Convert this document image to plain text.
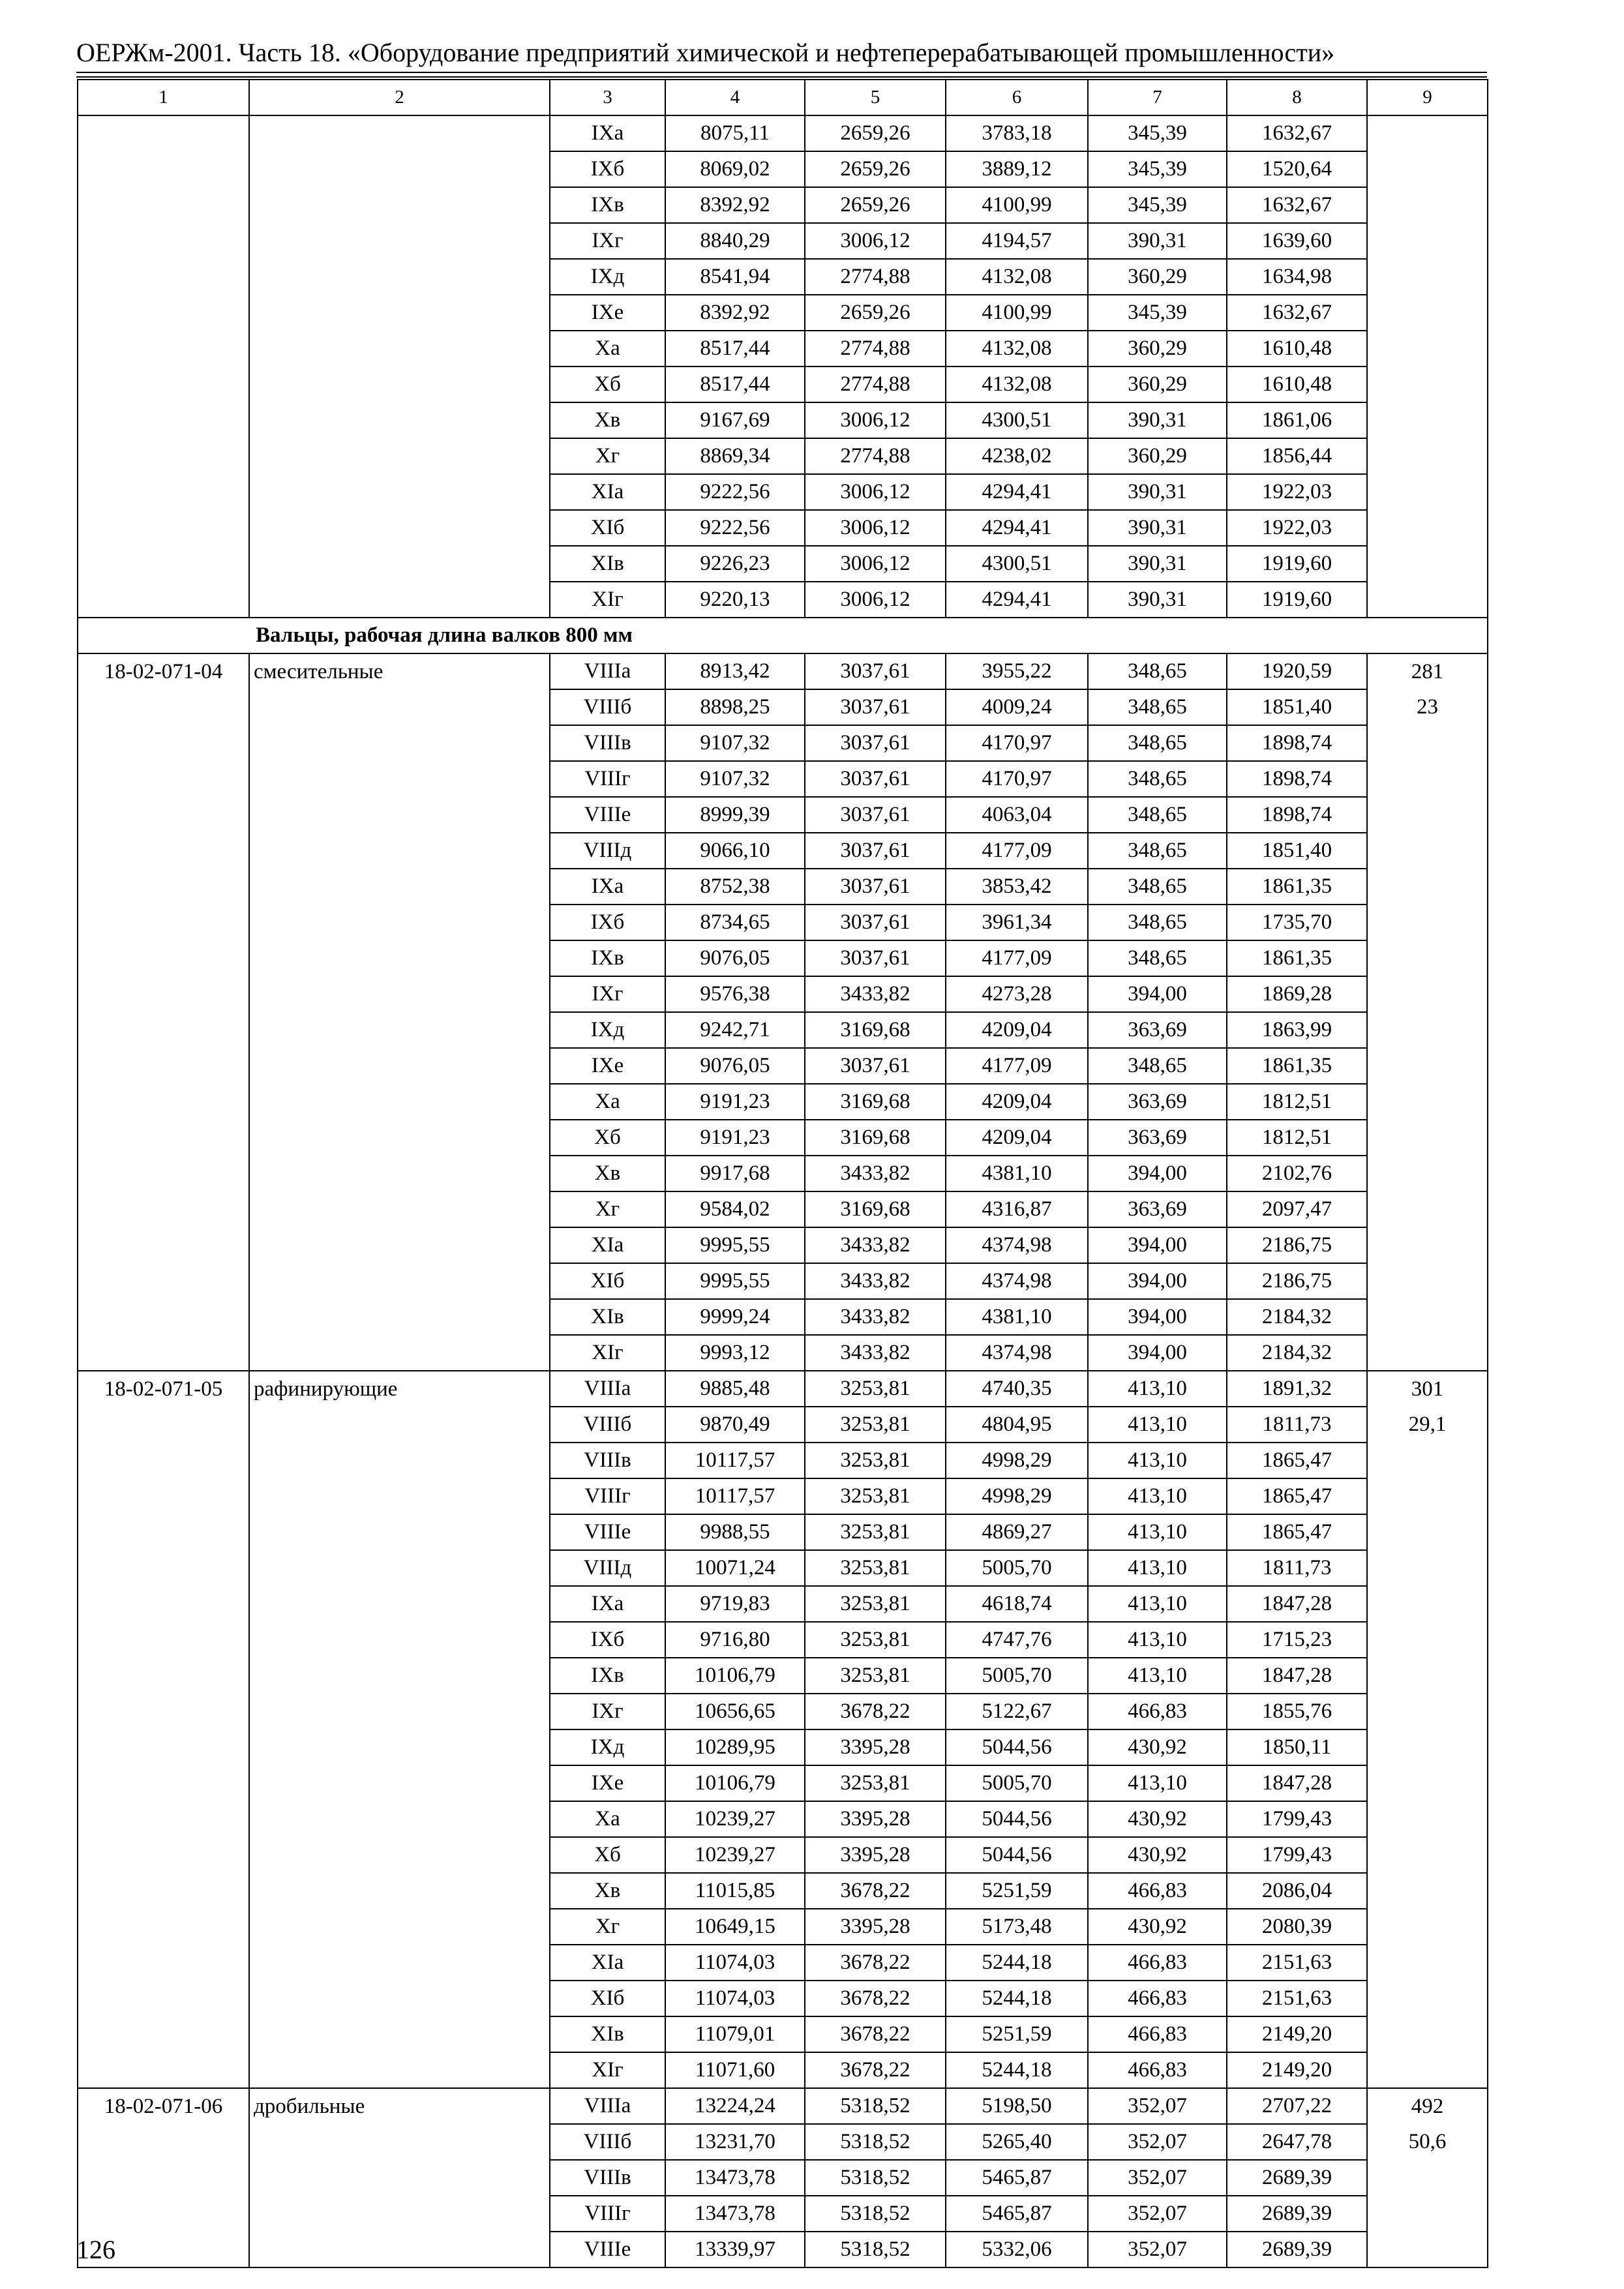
ОЕРЖм-2001. Часть 18. «Оборудование предприятий химической и нефтеперерабатывающей промышленности»
1	2	3	4	5	6	7	8	9
		IXа	8075,11	2659,26	3783,18	345,39	1632,67	
		IXб	8069,02	2659,26	3889,12	345,39	1520,64	
		IXв	8392,92	2659,26	4100,99	345,39	1632,67	
		IXг	8840,29	3006,12	4194,57	390,31	1639,60	
		IXд	8541,94	2774,88	4132,08	360,29	1634,98	
		IXе	8392,92	2659,26	4100,99	345,39	1632,67	
		Xа	8517,44	2774,88	4132,08	360,29	1610,48	
		Xб	8517,44	2774,88	4132,08	360,29	1610,48	
		Xв	9167,69	3006,12	4300,51	390,31	1861,06	
		Xг	8869,34	2774,88	4238,02	360,29	1856,44	
		XIа	9222,56	3006,12	4294,41	390,31	1922,03	
		XIб	9222,56	3006,12	4294,41	390,31	1922,03	
		XIв	9226,23	3006,12	4300,51	390,31	1919,60	
		XIг	9220,13	3006,12	4294,41	390,31	1919,60	
Вальцы, рабочая длина валков 800 мм								
18-02-071-04	смесительные	VIIIа	8913,42	3037,61	3955,22	348,65	1920,59	281
		VIIIб	8898,25	3037,61	4009,24	348,65	1851,40	23
		VIIIв	9107,32	3037,61	4170,97	348,65	1898,74	
		VIIIг	9107,32	3037,61	4170,97	348,65	1898,74	
		VIIIе	8999,39	3037,61	4063,04	348,65	1898,74	
		VIIIд	9066,10	3037,61	4177,09	348,65	1851,40	
		IXа	8752,38	3037,61	3853,42	348,65	1861,35	
		IXб	8734,65	3037,61	3961,34	348,65	1735,70	
		IXв	9076,05	3037,61	4177,09	348,65	1861,35	
		IXг	9576,38	3433,82	4273,28	394,00	1869,28	
		IXд	9242,71	3169,68	4209,04	363,69	1863,99	
		IXе	9076,05	3037,61	4177,09	348,65	1861,35	
		Xа	9191,23	3169,68	4209,04	363,69	1812,51	
		Xб	9191,23	3169,68	4209,04	363,69	1812,51	
		Xв	9917,68	3433,82	4381,10	394,00	2102,76	
		Xг	9584,02	3169,68	4316,87	363,69	2097,47	
		XIа	9995,55	3433,82	4374,98	394,00	2186,75	
		XIб	9995,55	3433,82	4374,98	394,00	2186,75	
		XIв	9999,24	3433,82	4381,10	394,00	2184,32	
		XIг	9993,12	3433,82	4374,98	394,00	2184,32	
18-02-071-05	рафинирующие	VIIIа	9885,48	3253,81	4740,35	413,10	1891,32	301
		VIIIб	9870,49	3253,81	4804,95	413,10	1811,73	29,1
		VIIIв	10117,57	3253,81	4998,29	413,10	1865,47	
		VIIIг	10117,57	3253,81	4998,29	413,10	1865,47	
		VIIIе	9988,55	3253,81	4869,27	413,10	1865,47	
		VIIIд	10071,24	3253,81	5005,70	413,10	1811,73	
		IXа	9719,83	3253,81	4618,74	413,10	1847,28	
		IXб	9716,80	3253,81	4747,76	413,10	1715,23	
		IXв	10106,79	3253,81	5005,70	413,10	1847,28	
		IXг	10656,65	3678,22	5122,67	466,83	1855,76	
		IXд	10289,95	3395,28	5044,56	430,92	1850,11	
		IXе	10106,79	3253,81	5005,70	413,10	1847,28	
		Xа	10239,27	3395,28	5044,56	430,92	1799,43	
		Xб	10239,27	3395,28	5044,56	430,92	1799,43	
		Xв	11015,85	3678,22	5251,59	466,83	2086,04	
		Xг	10649,15	3395,28	5173,48	430,92	2080,39	
		XIа	11074,03	3678,22	5244,18	466,83	2151,63	
		XIб	11074,03	3678,22	5244,18	466,83	2151,63	
		XIв	11079,01	3678,22	5251,59	466,83	2149,20	
		XIг	11071,60	3678,22	5244,18	466,83	2149,20	
18-02-071-06	дробильные	VIIIа	13224,24	5318,52	5198,50	352,07	2707,22	492
		VIIIб	13231,70	5318,52	5265,40	352,07	2647,78	50,6
		VIIIв	13473,78	5318,52	5465,87	352,07	2689,39	
		VIIIг	13473,78	5318,52	5465,87	352,07	2689,39	
		VIIIе	13339,97	5318,52	5332,06	352,07	2689,39	
126
